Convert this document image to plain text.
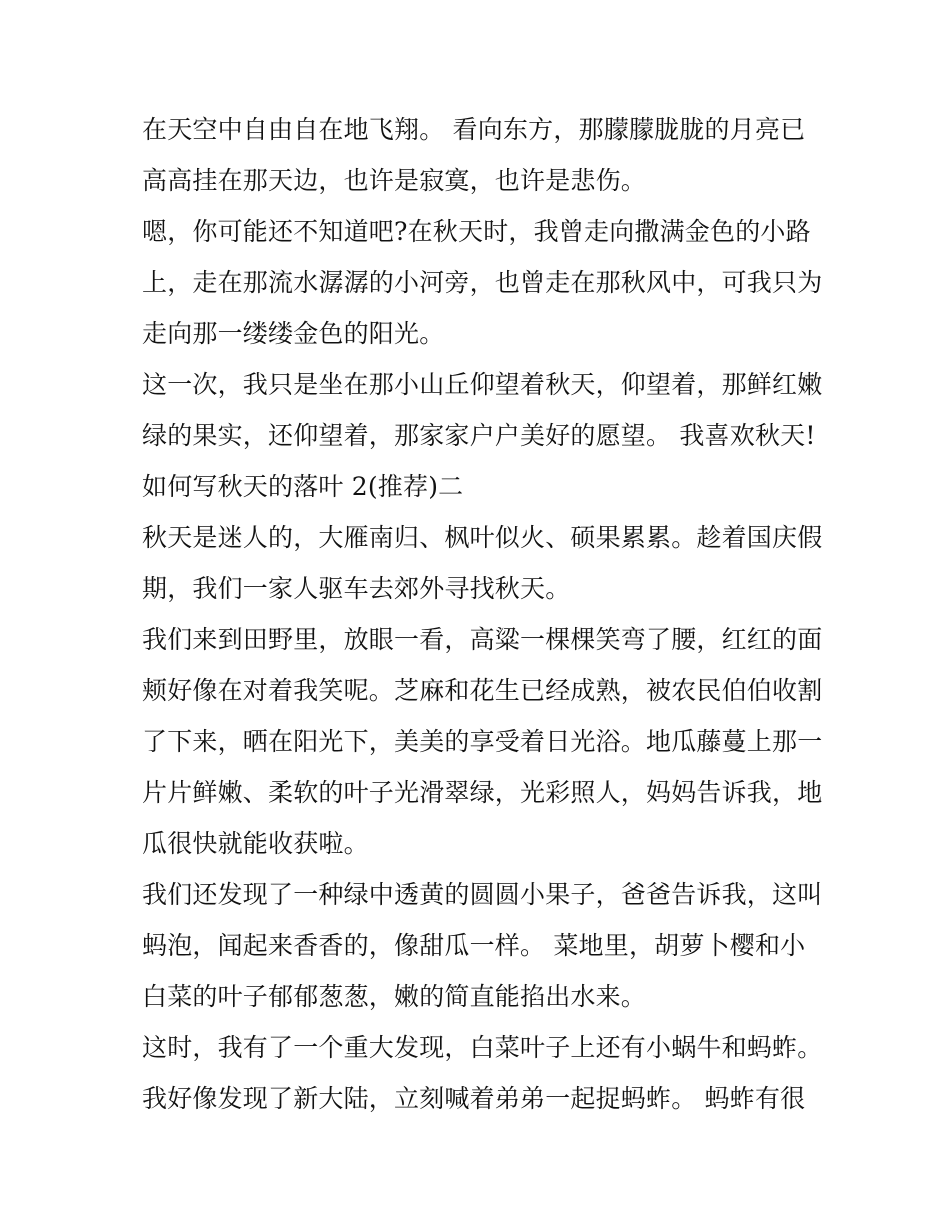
在天空中自由自在地飞翔。 看向东方，那朦朦胧胧的月亮已
高高挂在那天边，也许是寂寞，也许是悲伤。
嗯，你可能还不知道吧?在秋天时，我曾走向撒满金色的小路
上，走在那流水潺潺的小河旁，也曾走在那秋风中，可我只为
走向那一缕缕金色的阳光。
这一次，我只是坐在那小山丘仰望着秋天，仰望着，那鲜红嫩
绿的果实，还仰望着，那家家户户美好的愿望。 我喜欢秋天!
如何写秋天的落叶 2(推荐)二
秋天是迷人的，大雁南归、枫叶似火、硕果累累。趁着国庆假
期，我们一家人驱车去郊外寻找秋天。
我们来到田野里，放眼一看，高粱一棵棵笑弯了腰，红红的面
颊好像在对着我笑呢。芝麻和花生已经成熟，被农民伯伯收割
了下来，晒在阳光下，美美的享受着日光浴。地瓜藤蔓上那一
片片鲜嫩、柔软的叶子光滑翠绿，光彩照人，妈妈告诉我，地
瓜很快就能收获啦。
我们还发现了一种绿中透黄的圆圆小果子，爸爸告诉我，这叫
蚂泡，闻起来香香的，像甜瓜一样。 菜地里，胡萝卜樱和小
白菜的叶子郁郁葱葱，嫩的简直能掐出水来。
这时，我有了一个重大发现，白菜叶子上还有小蜗牛和蚂蚱。
我好像发现了新大陆，立刻喊着弟弟一起捉蚂蚱。 蚂蚱有很
